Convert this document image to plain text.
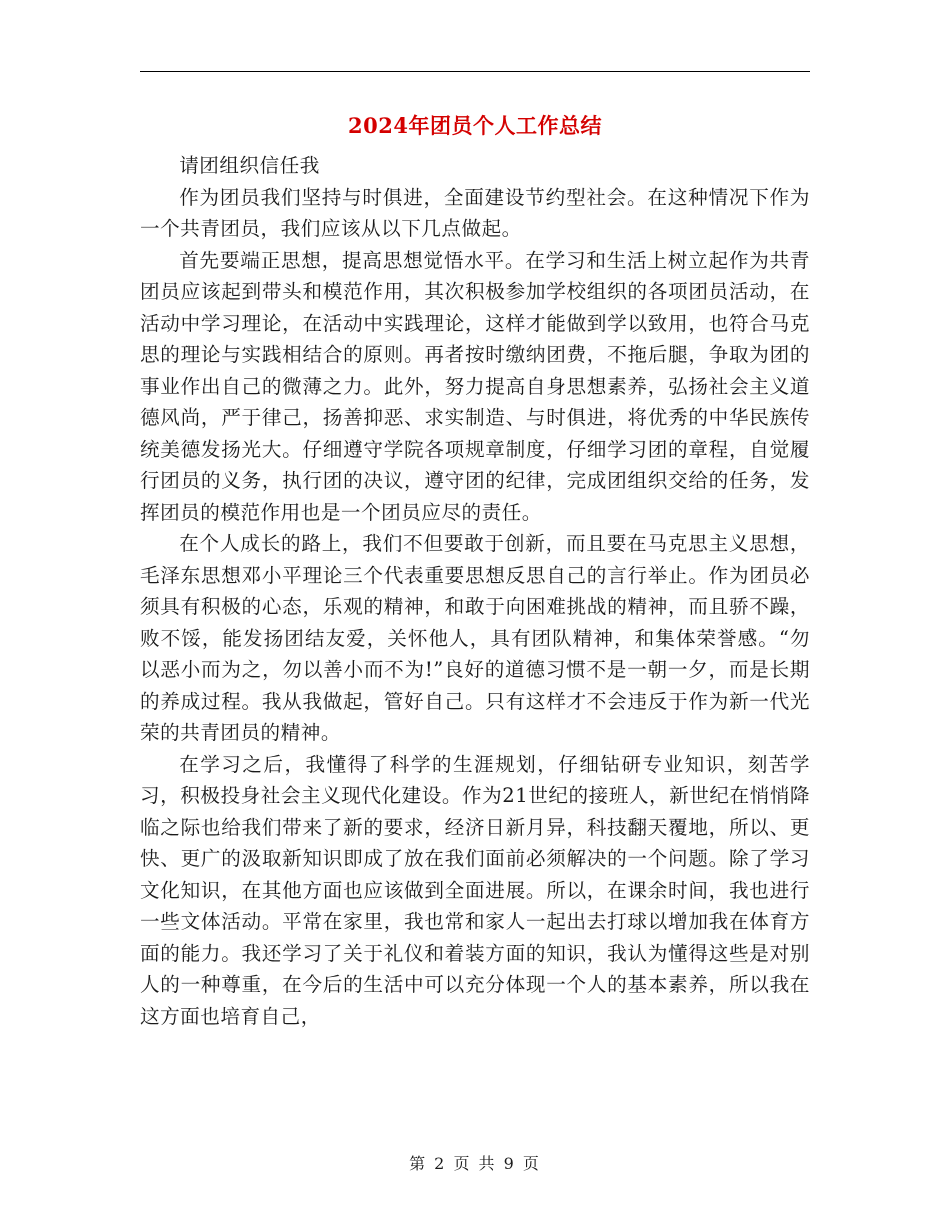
2024年团员个人工作总结

请团组织信任我

作为团员我们坚持与时俱进，全面建设节约型社会。在这种情况下作为一个共青团员，我们应该从以下几点做起。

首先要端正思想，提高思想觉悟水平。在学习和生活上树立起作为共青团员应该起到带头和模范作用，其次积极参加学校组织的各项团员活动，在活动中学习理论，在活动中实践理论，这样才能做到学以致用，也符合马克思的理论与实践相结合的原则。再者按时缴纳团费，不拖后腿，争取为团的事业作出自己的微薄之力。此外，努力提高自身思想素养，弘扬社会主义道德风尚，严于律己，扬善抑恶、求实制造、与时俱进，将优秀的中华民族传统美德发扬光大。仔细遵守学院各项规章制度，仔细学习团的章程，自觉履行团员的义务，执行团的决议，遵守团的纪律，完成团组织交给的任务，发挥团员的模范作用也是一个团员应尽的责任。

在个人成长的路上，我们不但要敢于创新，而且要在马克思主义思想，毛泽东思想邓小平理论三个代表重要思想反思自己的言行举止。作为团员必须具有积极的心态，乐观的精神，和敢于向困难挑战的精神，而且骄不躁，败不馁，能发扬团结友爱，关怀他人，具有团队精神，和集体荣誉感。“勿以恶小而为之，勿以善小而不为!”良好的道德习惯不是一朝一夕，而是长期的养成过程。我从我做起，管好自己。只有这样才不会违反于作为新一代光荣的共青团员的精神。

在学习之后，我懂得了科学的生涯规划，仔细钻研专业知识，刻苦学习，积极投身社会主义现代化建设。作为21世纪的接班人，新世纪在悄悄降临之际也给我们带来了新的要求，经济日新月异，科技翻天覆地，所以、更快、更广的汲取新知识即成了放在我们面前必须解决的一个问题。除了学习文化知识，在其他方面也应该做到全面进展。所以，在课余时间，我也进行一些文体活动。平常在家里，我也常和家人一起出去打球以增加我在体育方面的能力。我还学习了关于礼仪和着装方面的知识，我认为懂得这些是对别人的一种尊重，在今后的生活中可以充分体现一个人的基本素养，所以我在这方面也培育自己，

第 2 页 共 9 页
